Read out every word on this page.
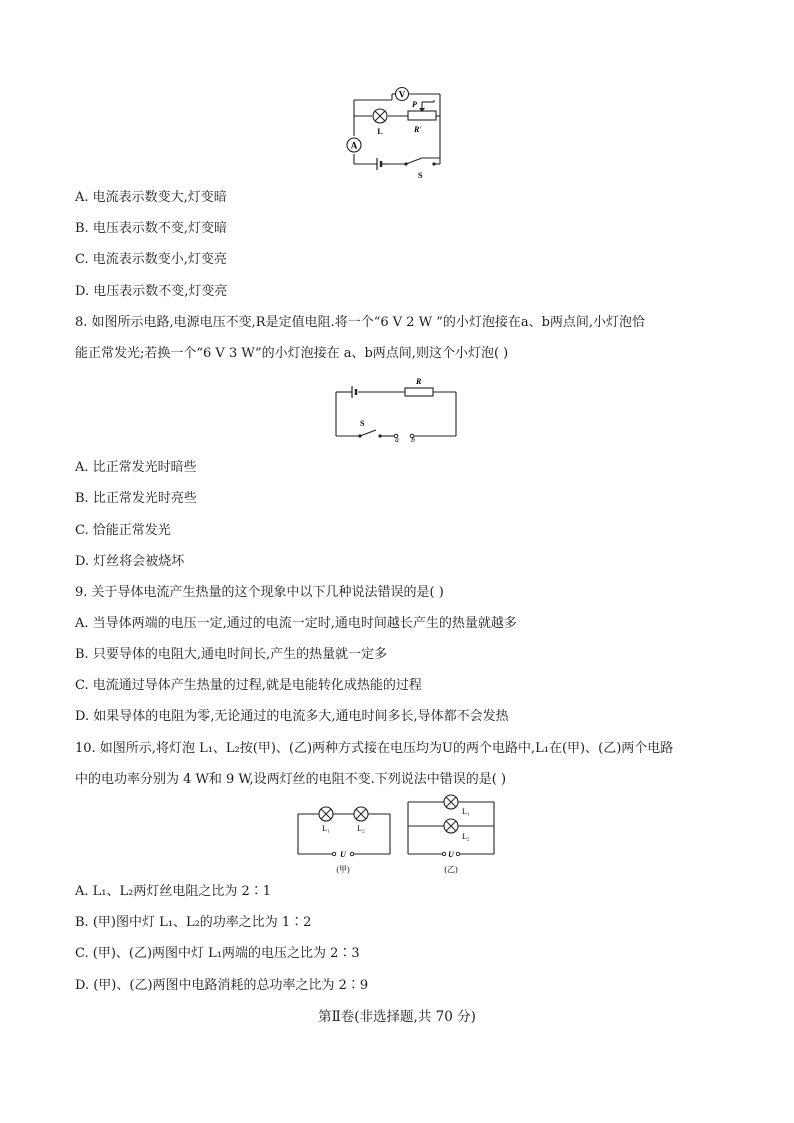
V
L
P
R'
A
S
A. 电流表示数变大,灯变暗
B. 电压表示数不变,灯变暗
C. 电流表示数变小,灯变亮
D. 电压表示数不变,灯变亮
8. 如图所示电路,电源电压不变,R是定值电阻.将一个“6 V 2 W ”的小灯泡接在a、b两点间,小灯泡恰
能正常发光;若换一个“6 V 3 W”的小灯泡接在 a、b两点间,则这个小灯泡( )
R
S
a b
A. 比正常发光时暗些
B. 比正常发光时亮些
C. 恰能正常发光
D. 灯丝将会被烧坏
9. 关于导体电流产生热量的这个现象中以下几种说法错误的是( )
A. 当导体两端的电压一定,通过的电流一定时,通电时间越长产生的热量就越多
B. 只要导体的电阻大,通电时间长,产生的热量就一定多
C. 电流通过导体产生热量的过程,就是电能转化成热能的过程
D. 如果导体的电阻为零,无论通过的电流多大,通电时间多长,导体都不会发热
10. 如图所示,将灯泡 L₁、L₂按(甲)、(乙)两种方式接在电压均为U的两个电路中,L₁在(甲)、(乙)两个电路
中的电功率分别为 4 W和 9 W,设两灯丝的电阻不变.下列说法中错误的是( )
L₁	L₂
U
(甲)
L₁
L₂
U
(乙)
A. L₁、L₂两灯丝电阻之比为 2∶1
B. (甲)图中灯 L₁、L₂的功率之比为 1∶2
C. (甲)、(乙)两图中灯 L₁两端的电压之比为 2∶3
D. (甲)、(乙)两图中电路消耗的总功率之比为 2∶9
第Ⅱ卷(非选择题,共 70 分)
